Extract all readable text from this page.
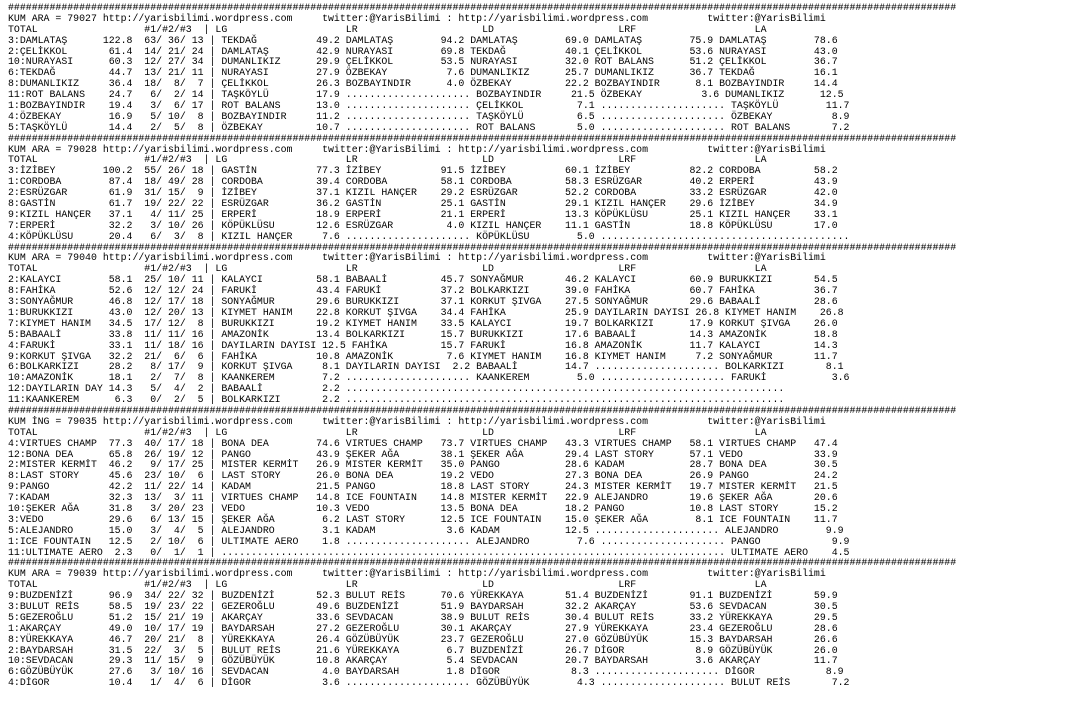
################################################################################################################################################################
KUM ARA = 79027 http://yarisbilimi.wordpress.com     twitter:@YarisBilimi : http://yarisbilimi.wordpress.com          twitter:@YarisBilimi
TOTAL                  #1/#2/#3  | LG                    LR                     LD                     LRF                    LA
3:DAMLATAŞ      122.8  63/ 36/ 13 | TEKDAĞ          49.2 DAMLATAŞ        94.2 DAMLATAŞ        69.0 DAMLATAŞ        75.9 DAMLATAŞ        78.6
2:ÇELİKKOL       61.4  14/ 21/ 24 | DAMLATAŞ        42.9 NURAYASI        69.8 TEKDAĞ          40.1 ÇELİKKOL        53.6 NURAYASI        43.0
10:NURAYASI      60.3  12/ 27/ 34 | DUMANLIKIZ      29.9 ÇELİKKOL        53.5 NURAYASI        32.0 ROT BALANS      51.2 ÇELİKKOL        36.7
6:TEKDAĞ         44.7  13/ 21/ 11 | NURAYASI        27.9 ÖZBEKAY          7.6 DUMANLIKIZ      25.7 DUMANLIKIZ      36.7 TEKDAĞ          16.1
8:DUMANLIKIZ     36.4  18/  8/  7 | ÇELİKKOL        26.3 BOZBAYINDIR      4.0 ÖZBEKAY         22.2 BOZBAYINDIR      8.1 BOZBAYINDIR     14.4
11:ROT BALANS    24.7   6/  2/ 14 | TAŞKÖYLÜ        17.9 ..................... BOZBAYINDIR     21.5 ÖZBEKAY          3.6 DUMANLIKIZ      12.5
1:BOZBAYINDIR    19.4   3/  6/ 17 | ROT BALANS      13.0 ..................... ÇELİKKOL         7.1 ..................... TAŞKÖYLÜ        11.7
4:ÖZBEKAY        16.9   5/ 10/  8 | BOZBAYINDIR     11.2 ..................... TAŞKÖYLÜ         6.5 ..................... ÖZBEKAY          8.9
5:TAŞKÖYLÜ       14.4   2/  5/  8 | ÖZBEKAY         10.7 ..................... ROT BALANS       5.0 ..................... ROT BALANS       7.2
################################################################################################################################################################
KUM ARA = 79028 http://yarisbilimi.wordpress.com     twitter:@YarisBilimi : http://yarisbilimi.wordpress.com          twitter:@YarisBilimi
TOTAL                  #1/#2/#3  | LG                    LR                     LD                     LRF                    LA
3:İZİBEY        100.2  55/ 26/ 18 | GASTİN          77.3 İZİBEY          91.5 İZİBEY          60.1 İZİBEY          82.2 CORDOBA         58.2
1:CORDOBA        87.4  18/ 49/ 28 | CORDOBA         39.4 CORDOBA         58.1 CORDOBA         58.3 ESRÜZGAR        40.2 ERPERİ          43.9
2:ESRÜZGAR       61.9  31/ 15/  9 | İZİBEY          37.1 KIZIL HANÇER    29.2 ESRÜZGAR        52.2 CORDOBA         33.2 ESRÜZGAR        42.0
8:GASTİN         61.7  19/ 22/ 22 | ESRÜZGAR        36.2 GASTİN          25.1 GASTİN          29.1 KIZIL HANÇER    29.6 İZİBEY          34.9
9:KIZIL HANÇER   37.1   4/ 11/ 25 | ERPERİ          18.9 ERPERİ          21.1 ERPERİ          13.3 KÖPÜKLÜSU       25.1 KIZIL HANÇER    33.1
7:ERPERİ         32.2   3/ 10/ 26 | KÖPÜKLÜSU       12.6 ESRÜZGAR         4.0 KIZIL HANÇER    11.1 GASTİN          18.8 KÖPÜKLÜSU       17.0
4:KÖPÜKLÜSU      20.4   6/  3/  8 | KIZIL HANÇER     7.6 ..................... KÖPÜKLÜSU        5.0 ..........................................
################################################################################################################################################################
KUM ARA = 79040 http://yarisbilimi.wordpress.com     twitter:@YarisBilimi : http://yarisbilimi.wordpress.com          twitter:@YarisBilimi
TOTAL                  #1/#2/#3  | LG                    LR                     LD                     LRF                    LA
2:KALAYCI        58.1  25/ 10/ 11 | KALAYCI         58.1 BABAALİ         45.7 SONYAĞMUR       46.2 KALAYCI         60.9 BURUKKIZI       54.5
8:FAHİKA         52.6  12/ 12/ 24 | FARUKİ          43.4 FARUKİ          37.2 BOLKARKIZI      39.0 FAHİKA          60.7 FAHİKA          36.7
3:SONYAĞMUR      46.8  12/ 17/ 18 | SONYAĞMUR       29.6 BURUKKIZI       37.1 KORKUT ŞIVGA    27.5 SONYAĞMUR       29.6 BABAALİ         28.6
1:BURUKKIZI      43.0  12/ 20/ 13 | KIYMET HANIM    22.8 KORKUT ŞIVGA    34.4 FAHİKA          25.9 DAYILARIN DAYISI 26.8 KIYMET HANIM    26.8
7:KIYMET HANIM   34.5  17/ 12/  8 | BURUKKIZI       19.2 KIYMET HANIM    33.5 KALAYCI         19.7 BOLKARKIZI      17.9 KORKUT ŞIVGA    26.0
5:BABAALİ        33.8  11/ 11/ 16 | AMAZONİK        13.4 BOLKARKIZI      15.7 BURUKKIZI       17.6 BABAALİ         14.3 AMAZONİK        18.8
4:FARUKİ         33.1  11/ 18/ 16 | DAYILARIN DAYISI 12.5 FAHİKA         15.7 FARUKİ          16.8 AMAZONİK        11.7 KALAYCI         14.3
9:KORKUT ŞIVGA   32.2  21/  6/  6 | FAHİKA          10.8 AMAZONİK         7.6 KIYMET HANIM    16.8 KIYMET HANIM     7.2 SONYAĞMUR       11.7
6:BOLKARKIZI     28.2   8/ 17/  9 | KORKUT ŞIVGA     8.1 DAYILARIN DAYISI  2.2 BABAALİ        14.7 ..................... BOLKARKIZI       8.1
10:AMAZONİK      18.1   2/  7/  8 | KAANKEREM        7.2 ..................... KAANKEREM        5.0 ..................... FARUKİ           3.6
12:DAYILARIN DAY 14.3   5/  4/  2 | BABAALİ          2.2 ..........................................................................
11:KAANKEREM      6.3   0/  2/  5 | BOLKARKIZI       2.2 ..........................................................................
################################################################################################################################################################
KUM İNG = 79035 http://yarisbilimi.wordpress.com     twitter:@YarisBilimi : http://yarisbilimi.wordpress.com          twitter:@YarisBilimi
TOTAL                  #1/#2/#3  | LG                    LR                     LD                     LRF                    LA
4:VIRTUES CHAMP  77.3  40/ 17/ 18 | BONA DEA        74.6 VIRTUES CHAMP   73.7 VIRTUES CHAMP   43.3 VIRTUES CHAMP   58.1 VIRTUES CHAMP   47.4
12:BONA DEA      65.8  26/ 19/ 12 | PANGO           43.9 ŞEKER AĞA       38.1 ŞEKER AĞA       29.4 LAST STORY      57.1 VEDO            33.9
2:MISTER KERMİT  46.2   9/ 17/ 25 | MISTER KERMİT   26.9 MISTER KERMİT   35.0 PANGO           28.6 KADAM           28.7 BONA DEA        30.5
8:LAST STORY     45.6  23/ 10/  6 | LAST STORY      26.0 BONA DEA        19.2 VEDO            27.3 BONA DEA        26.9 PANGO           24.2
9:PANGO          42.2  11/ 22/ 14 | KADAM           21.5 PANGO           18.8 LAST STORY      24.3 MISTER KERMİT   19.7 MISTER KERMİT   21.5
7:KADAM          32.3  13/  3/ 11 | VIRTUES CHAMP   14.8 ICE FOUNTAIN    14.8 MISTER KERMİT   22.9 ALEJANDRO       19.6 ŞEKER AĞA       20.6
10:ŞEKER AĞA     31.8   3/ 20/ 23 | VEDO            10.3 VEDO            13.5 BONA DEA        18.2 PANGO           10.8 LAST STORY      15.2
3:VEDO           29.6   6/ 13/ 15 | ŞEKER AĞA        6.2 LAST STORY      12.5 ICE FOUNTAIN    15.0 ŞEKER AĞA        8.1 ICE FOUNTAIN    11.7
5:ALEJANDRO      15.0   3/  4/  5 | ALEJANDRO        3.1 KADAM            3.6 KADAM           12.5 ..................... ALEJANDRO        9.9
1:ICE FOUNTAIN   12.5   2/ 10/  6 | ULTIMATE AERO    1.8 ..................... ALEJANDRO        7.6 ..................... PANGO            9.9
11:ULTIMATE AERO  2.3   0/  1/  1 | ..................................................................................... ULTIMATE AERO    4.5
################################################################################################################################################################
KUM ARA = 79039 http://yarisbilimi.wordpress.com     twitter:@YarisBilimi : http://yarisbilimi.wordpress.com          twitter:@YarisBilimi
TOTAL                  #1/#2/#3  | LG                    LR                     LD                     LRF                    LA
9:BUZDENİZİ      96.9  34/ 22/ 32 | BUZDENİZİ       52.3 BULUT REİS      70.6 YÜREKKAYA       51.4 BUZDENİZİ       91.1 BUZDENİZİ       59.9
3:BULUT REİS     58.5  19/ 23/ 22 | GEZEROĞLU       49.6 BUZDENİZİ       51.9 BAYDARSAH       32.2 AKARÇAY         53.6 SEVDACAN        30.5
5:GEZEROĞLU      51.2  15/ 21/ 19 | AKARÇAY         33.6 SEVDACAN        38.9 BULUT REİS      30.4 BULUT REİS      33.2 YÜREKKAYA       29.5
1:AKARÇAY        49.0  10/ 17/ 19 | BAYDARSAH       27.2 GEZEROĞLU       30.1 AKARÇAY         27.9 YÜREKKAYA       23.4 GEZEROĞLU       28.6
8:YÜREKKAYA      46.7  20/ 21/  8 | YÜREKKAYA       26.4 GÖZÜBÜYÜK       23.7 GEZEROĞLU       27.0 GÖZÜBÜYÜK       15.3 BAYDARSAH       26.6
2:BAYDARSAH      31.5  22/  3/  5 | BULUT REİS      21.6 YÜREKKAYA        6.7 BUZDENİZİ       26.7 DİGOR            8.9 GÖZÜBÜYÜK       26.0
10:SEVDACAN      29.3  11/ 15/  9 | GÖZÜBÜYÜK       10.8 AKARÇAY          5.4 SEVDACAN        20.7 BAYDARSAH        3.6 AKARÇAY         11.7
6:GÖZÜBÜYÜK      27.6   3/ 10/ 16 | SEVDACAN         4.0 BAYDARSAH        1.8 DİGOR            8.3 ..................... DİGOR            8.9
4:DİGOR          10.4   1/  4/  6 | DİGOR            3.6 ..................... GÖZÜBÜYÜK        4.3 ..................... BULUT REİS       7.2
